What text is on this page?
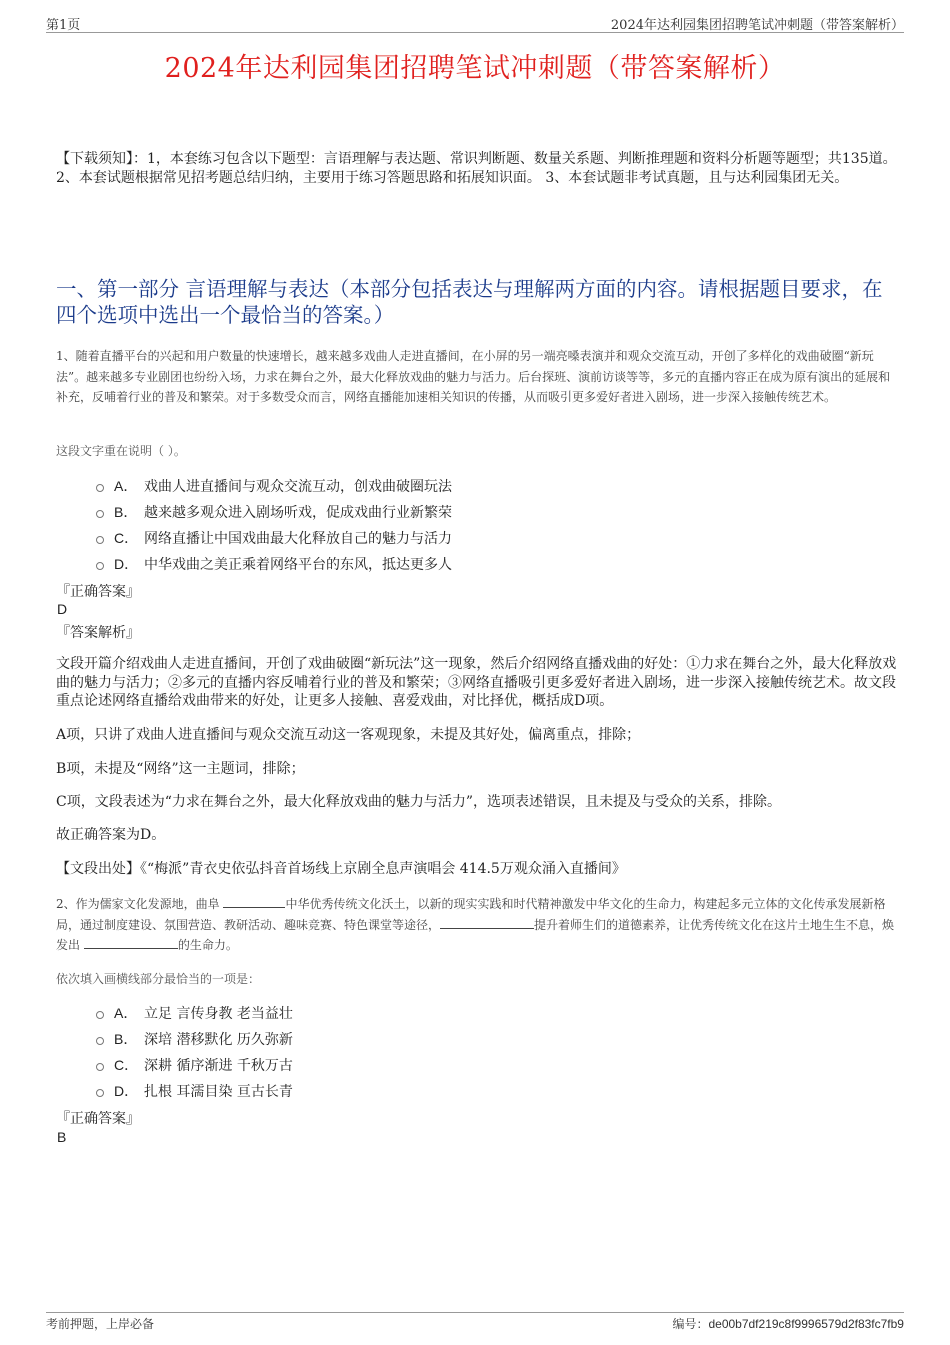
第1页	2024年达利园集团招聘笔试冲刺题（带答案解析）
2024年达利园集团招聘笔试冲刺题（带答案解析）
【下载须知】：1，本套练习包含以下题型：言语理解与表达题、常识判断题、数量关系题、判断推理题和资料分析题等题型；共135道。 2、本套试题根据常见招考题总结归纳，主要用于练习答题思路和拓展知识面。 3、本套试题非考试真题，且与达利园集团无关。
一、第一部分 言语理解与表达（本部分包括表达与理解两方面的内容。请根据题目要求，在四个选项中选出一个最恰当的答案。）
1、随着直播平台的兴起和用户数量的快速增长，越来越多戏曲人走进直播间，在小屏的另一端亮嗓表演并和观众交流互动，开创了多样化的戏曲破圈“新玩法”。越来越多专业剧团也纷纷入场，力求在舞台之外，最大化释放戏曲的魅力与活力。后台探班、演前访谈等等，多元的直播内容正在成为原有演出的延展和补充，反哺着行业的普及和繁荣。对于多数受众而言，网络直播能加速相关知识的传播，从而吸引更多爱好者进入剧场，进一步深入接触传统艺术。
这段文字重在说明（ ）。
A． 戏曲人进直播间与观众交流互动，创戏曲破圈玩法
B． 越来越多观众进入剧场听戏，促成戏曲行业新繁荣
C． 网络直播让中国戏曲最大化释放自己的魅力与活力
D． 中华戏曲之美正乘着网络平台的东风，抵达更多人
『正确答案』
D
『答案解析』
文段开篇介绍戏曲人走进直播间，开创了戏曲破圈“新玩法”这一现象，然后介绍网络直播戏曲的好处：①力求在舞台之外，最大化释放戏曲的魅力与活力；②多元的直播内容反哺着行业的普及和繁荣；③网络直播吸引更多爱好者进入剧场，进一步深入接触传统艺术。故文段重点论述网络直播给戏曲带来的好处，让更多人接触、喜爱戏曲，对比择优，概括成D项。
A项，只讲了戏曲人进直播间与观众交流互动这一客观现象，未提及其好处，偏离重点，排除；
B项，未提及“网络”这一主题词，排除；
C项，文段表述为“力求在舞台之外，最大化释放戏曲的魅力与活力”，选项表述错误，且未提及与受众的关系，排除。
故正确答案为D。
【文段出处】《“梅派”青衣史依弘抖音首场线上京剧全息声演唱会 414.5万观众涌入直播间》
2、作为儒家文化发源地，曲阜	中华优秀传统文化沃土，以新的现实实践和时代精神激发中华文化的生命力，构建起多元立体的文化传承发展新格局，通过制度建设、氛围营造、教研活动、趣味竞赛、特色课堂等途径，	提升着师生们的道德素养，让优秀传统文化在这片土地生生不息，焕发出	的生命力。
依次填入画横线部分最恰当的一项是：
A． 立足 言传身教 老当益壮
B． 深培 潜移默化 历久弥新
C． 深耕 循序渐进 千秋万古
D． 扎根 耳濡目染 亘古长青
『正确答案』
B
考前押题，上岸必备	编号：de00b7df219c8f9996579d2f83fc7fb9
